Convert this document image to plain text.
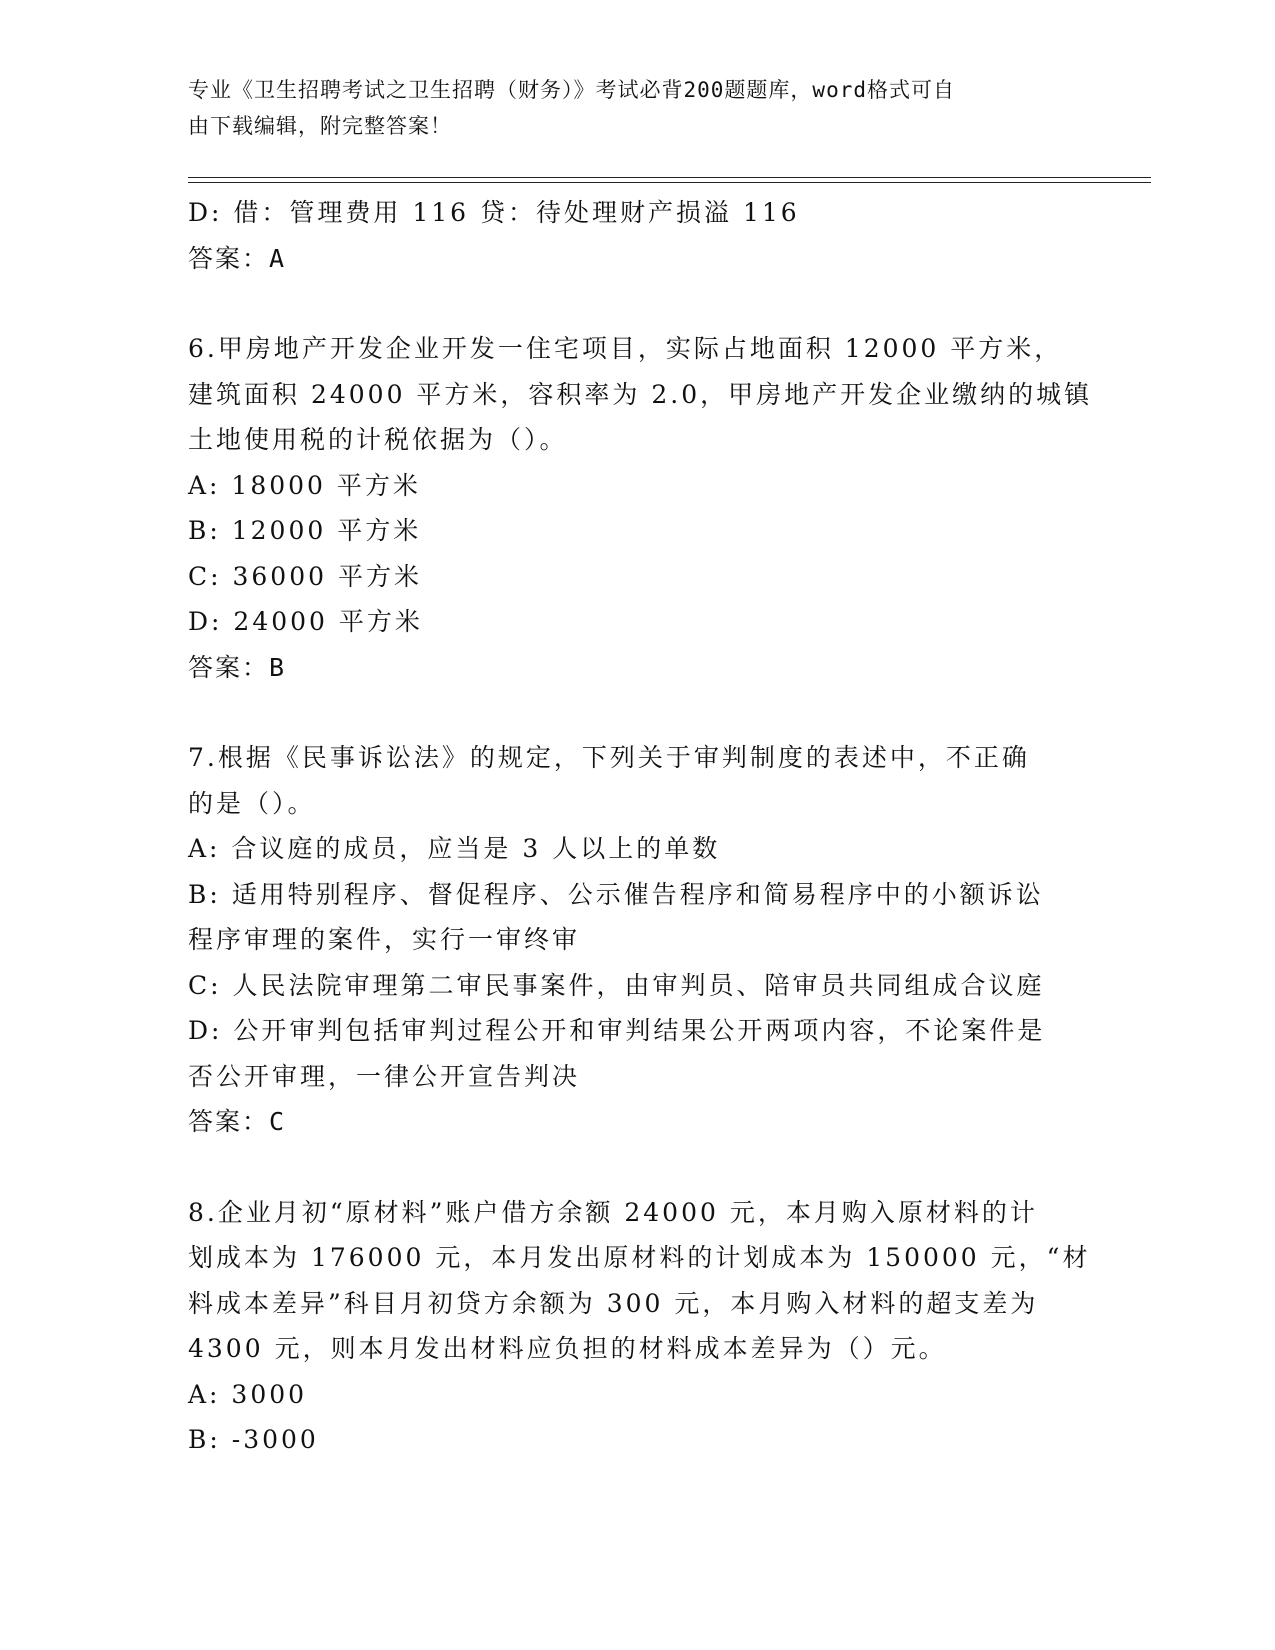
专业《卫生招聘考试之卫生招聘（财务）》考试必背200题题库，word格式可自
由下载编辑，附完整答案！
D: 借：管理费用 116 贷：待处理财产损溢 116
答案：A
6.甲房地产开发企业开发一住宅项目，实际占地面积 12000 平方米，
建筑面积 24000 平方米，容积率为 2.0，甲房地产开发企业缴纳的城镇
土地使用税的计税依据为（）。
A: 18000 平方米
B: 12000 平方米
C: 36000 平方米
D: 24000 平方米
答案：B
7.根据《民事诉讼法》的规定，下列关于审判制度的表述中，不正确
的是（）。
A: 合议庭的成员，应当是 3 人以上的单数
B: 适用特别程序、督促程序、公示催告程序和简易程序中的小额诉讼
程序审理的案件，实行一审终审
C: 人民法院审理第二审民事案件，由审判员、陪审员共同组成合议庭
D: 公开审判包括审判过程公开和审判结果公开两项内容，不论案件是
否公开审理，一律公开宣告判决
答案：C
8.企业月初“原材料”账户借方余额 24000 元，本月购入原材料的计
划成本为 176000 元，本月发出原材料的计划成本为 150000 元，“材
料成本差异”科目月初贷方余额为 300 元，本月购入材料的超支差为
4300 元，则本月发出材料应负担的材料成本差异为（）元。
A: 3000
B: -3000
